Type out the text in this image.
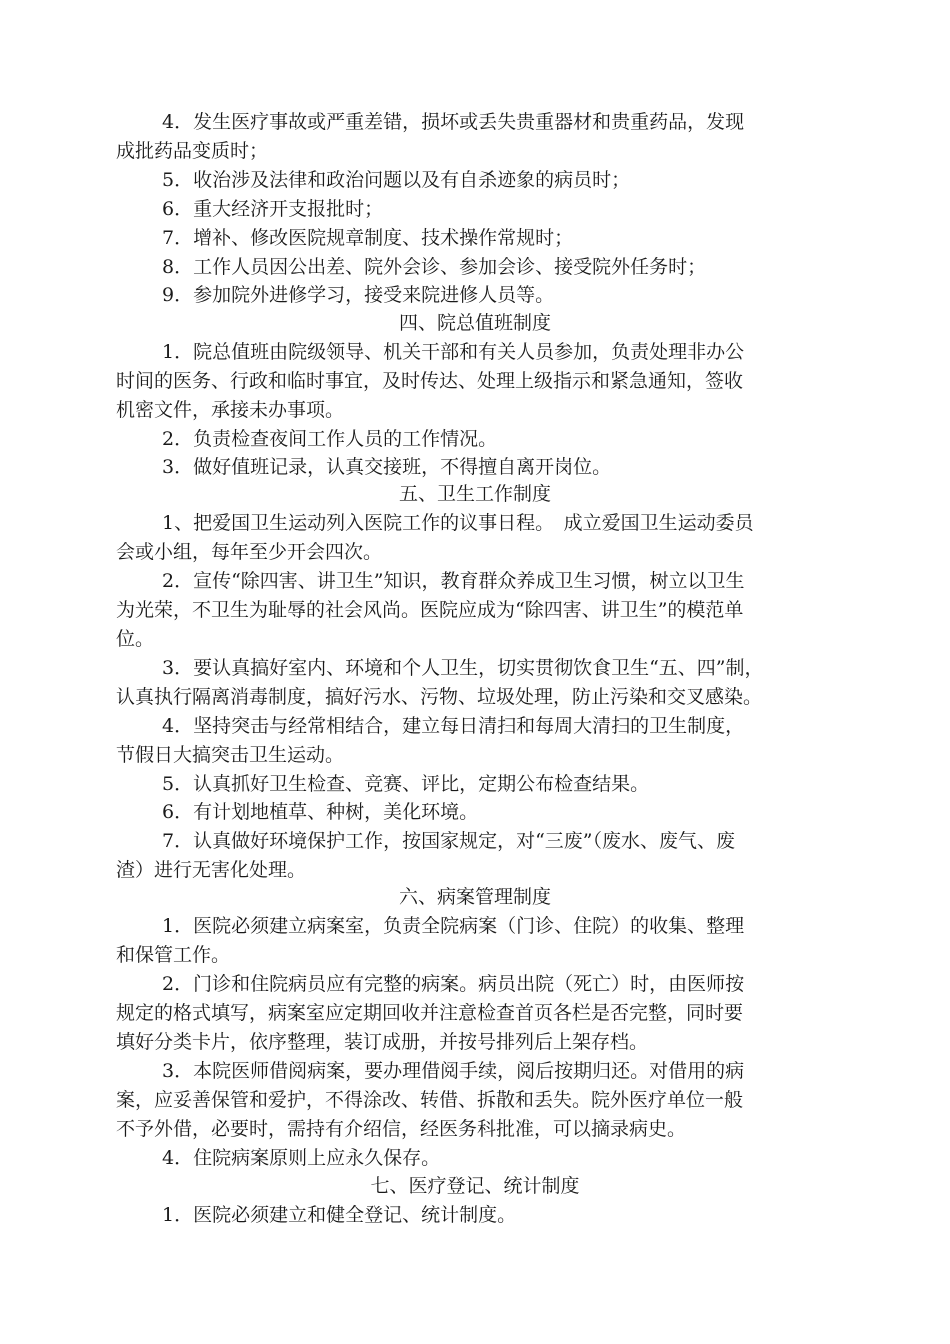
4．发生医疗事故或严重差错，损坏或丢失贵重器材和贵重药品，发现
成批药品变质时；
5．收治涉及法律和政治问题以及有自杀迹象的病员时；
6．重大经济开支报批时；
7．增补、修改医院规章制度、技术操作常规时；
8．工作人员因公出差、院外会诊、参加会诊、接受院外任务时；
9．参加院外进修学习，接受来院进修人员等。
四、院总值班制度
1．院总值班由院级领导、机关干部和有关人员参加，负责处理非办公
时间的医务、行政和临时事宜，及时传达、处理上级指示和紧急通知，签收
机密文件，承接未办事项。
2．负责检查夜间工作人员的工作情况。
3．做好值班记录，认真交接班，不得擅自离开岗位。
五、卫生工作制度
1、把爱国卫生运动列入医院工作的议事日程。　成立爱国卫生运动委员
会或小组，每年至少开会四次。
2．宣传“除四害、讲卫生”知识，教育群众养成卫生习惯，树立以卫生
为光荣，不卫生为耻辱的社会风尚。医院应成为“除四害、讲卫生”的模范单
位。
3．要认真搞好室内、环境和个人卫生，切实贯彻饮食卫生“五、四”制，
认真执行隔离消毒制度，搞好污水、污物、垃圾处理，防止污染和交叉感染。
4．坚持突击与经常相结合，建立每日清扫和每周大清扫的卫生制度，
节假日大搞突击卫生运动。
5．认真抓好卫生检查、竞赛、评比，定期公布检查结果。
6．有计划地植草、种树，美化环境。
7．认真做好环境保护工作，按国家规定，对“三废”（废水、废气、废
渣）进行无害化处理。
六、病案管理制度
1．医院必须建立病案室，负责全院病案（门诊、住院）的收集、整理
和保管工作。
2．门诊和住院病员应有完整的病案。病员出院（死亡）时，由医师按
规定的格式填写，病案室应定期回收并注意检查首页各栏是否完整，同时要
填好分类卡片，依序整理，装订成册，并按号排列后上架存档。
3．本院医师借阅病案，要办理借阅手续，阅后按期归还。对借用的病
案，应妥善保管和爱护，不得涂改、转借、拆散和丢失。院外医疗单位一般
不予外借，必要时，需持有介绍信，经医务科批准，可以摘录病史。
4．住院病案原则上应永久保存。
七、医疗登记、统计制度
1．医院必须建立和健全登记、统计制度。
